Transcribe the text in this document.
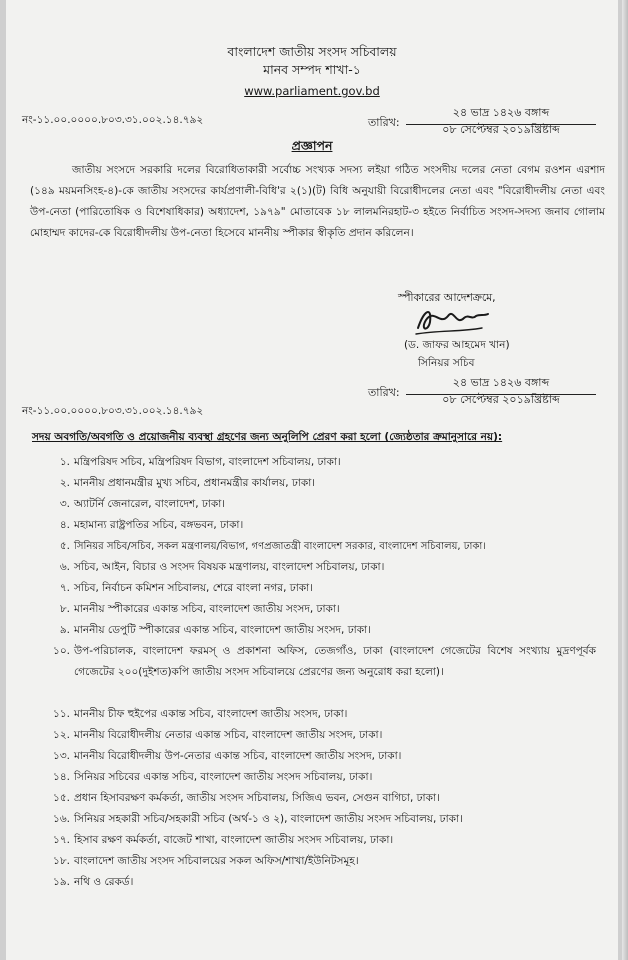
বাংলাদেশ জাতীয় সংসদ সচিবালয়
মানব সম্পদ শাখা-১
www.parliament.gov.bd
নং-১১.০০.০০০০.৮০৩.৩১.০০২.১৪.৭৯২	তারিখ:
২৪ ভাদ্র ১৪২৬ বঙ্গাব্দ
০৮ সেপ্টেম্বর ২০১৯খ্রিষ্টাব্দ
প্রজ্ঞাপন
জাতীয় সংসদে সরকারি দলের বিরোধিতাকারী সর্বোচ্চ সংখ্যক সদস্য লইয়া গঠিত সংসদীয় দলের নেতা বেগম রওশন এরশাদ (১৪৯ ময়মনসিংহ-৪)-কে জাতীয় সংসদের কার্যপ্রণালী-বিধি'র ২(১)(ট) বিধি অনুযায়ী বিরোধীদলের নেতা এবং "বিরোধীদলীয় নেতা এবং উপ-নেতা (পারিতোষিক ও বিশেষাধিকার) অধ্যাদেশ, ১৯৭৯" মোতাবেক ১৮ লালমনিরহাট-৩ হইতে নির্বাচিত সংসদ-সদস্য জনাব গোলাম মোহাম্মদ কাদের-কে বিরোধীদলীয় উপ-নেতা হিসেবে মাননীয় স্পীকার স্বীকৃতি প্রদান করিলেন।
স্পীকারের আদেশক্রমে,
(ড. জাফর আহমেদ খান)
সিনিয়র সচিব
নং-১১.০০.০০০০.৮০৩.৩১.০০২.১৪.৭৯২
তারিখ:
২৪ ভাদ্র ১৪২৬ বঙ্গাব্দ
০৮ সেপ্টেম্বর ২০১৯খ্রিষ্টাব্দ
সদয় অবগতি/অবগতি ও প্রয়োজনীয় ব্যবস্থা গ্রহণের জন্য অনুলিপি প্রেরণ করা হলো (জ্যেষ্ঠতার ক্রমানুসারে নয়):
১. মন্ত্রিপরিষদ সচিব, মন্ত্রিপরিষদ বিভাগ, বাংলাদেশ সচিবালয়, ঢাকা।
২. মাননীয় প্রধানমন্ত্রীর মুখ্য সচিব, প্রধানমন্ত্রীর কার্যালয়, ঢাকা।
৩. অ্যাটর্নি জেনারেল, বাংলাদেশ, ঢাকা।
৪. মহামান্য রাষ্ট্রপতির সচিব, বঙ্গভবন, ঢাকা।
৫. সিনিয়র সচিব/সচিব, সকল মন্ত্রণালয়/বিভাগ, গণপ্রজাতন্ত্রী বাংলাদেশ সরকার, বাংলাদেশ সচিবালয়, ঢাকা।
৬. সচিব, আইন, বিচার ও সংসদ বিষয়ক মন্ত্রণালয়, বাংলাদেশ সচিবালয়, ঢাকা।
৭. সচিব, নির্বাচন কমিশন সচিবালয়, শেরে বাংলা নগর, ঢাকা।
৮. মাননীয় স্পীকারের একান্ত সচিব, বাংলাদেশ জাতীয় সংসদ, ঢাকা।
৯. মাননীয় ডেপুটি স্পীকারের একান্ত সচিব, বাংলাদেশ জাতীয় সংসদ, ঢাকা।
১০. উপ-পরিচালক, বাংলাদেশ ফরমস্ ও প্রকাশনা অফিস, তেজগাঁও, ঢাকা (বাংলাদেশ গেজেটের বিশেষ সংখ্যায় মুদ্রণপূর্বক গেজেটের ২০০(দুইশত)কপি জাতীয় সংসদ সচিবালয়ে প্রেরণের জন্য অনুরোধ করা হলো)।
১১. মাননীয় চীফ হুইপের একান্ত সচিব, বাংলাদেশ জাতীয় সংসদ, ঢাকা।
১২. মাননীয় বিরোধীদলীয় নেতার একান্ত সচিব, বাংলাদেশ জাতীয় সংসদ, ঢাকা।
১৩. মাননীয় বিরোধীদলীয় উপ-নেতার একান্ত সচিব, বাংলাদেশ জাতীয় সংসদ, ঢাকা।
১৪. সিনিয়র সচিবের একান্ত সচিব, বাংলাদেশ জাতীয় সংসদ সচিবালয়, ঢাকা।
১৫. প্রধান হিসাবরক্ষণ কর্মকর্তা, জাতীয় সংসদ সচিবালয়, সিজিএ ভবন, সেগুন বাগিচা, ঢাকা।
১৬. সিনিয়র সহকারী সচিব/সহকারী সচিব (অর্থ-১ ও ২), বাংলাদেশ জাতীয় সংসদ সচিবালয়, ঢাকা।
১৭. হিসাব রক্ষণ কর্মকর্তা, বাজেট শাখা, বাংলাদেশ জাতীয় সংসদ সচিবালয়, ঢাকা।
১৮. বাংলাদেশ জাতীয় সংসদ সচিবালয়ের সকল অফিস/শাখা/ইউনিটসমূহ।
১৯. নথি ও রেকর্ড।
